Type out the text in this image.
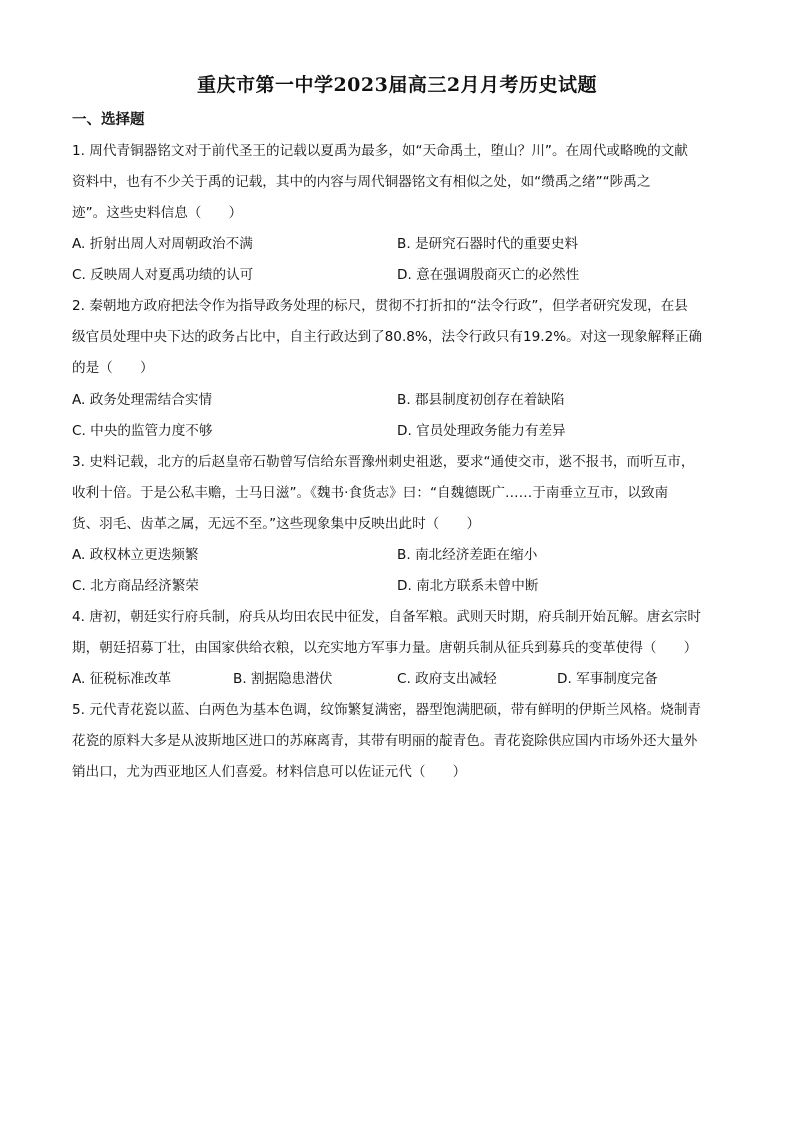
重庆市第一中学2023届高三2月月考历史试题
一、选择题
1. 周代青铜器铭文对于前代圣王的记载以夏禹为最多，如“天命禹土，堕山？川”。在周代或略晚的文献
资料中，也有不少关于禹的记载，其中的内容与周代铜器铭文有相似之处，如“缵禹之绪”“陟禹之
迹”。这些史料信息（　　）
A. 折射出周人对周朝政治不满	B. 是研究石器时代的重要史料
C. 反映周人对夏禹功绩的认可	D. 意在强调殷商灭亡的必然性
2. 秦朝地方政府把法令作为指导政务处理的标尺，贯彻不打折扣的“法令行政”，但学者研究发现，在县
级官员处理中央下达的政务占比中，自主行政达到了80.8%，法令行政只有19.2%。对这一现象解释正确
的是（　　）
A. 政务处理需结合实情	B. 郡县制度初创存在着缺陷
C. 中央的监管力度不够	D. 官员处理政务能力有差异
3. 史料记载，北方的后赵皇帝石勒曾写信给东晋豫州刺史祖逖，要求“通使交市，逖不报书，而听互市，
收利十倍。于是公私丰赡，士马日滋”。《魏书·食货志》曰：“自魏德既广……于南垂立互市，以致南
货、羽毛、齿革之属，无远不至。”这些现象集中反映出此时（　　）
A. 政权林立更迭频繁	B. 南北经济差距在缩小
C. 北方商品经济繁荣	D. 南北方联系未曾中断
4. 唐初，朝廷实行府兵制，府兵从均田农民中征发，自备军粮。武则天时期，府兵制开始瓦解。唐玄宗时
期，朝廷招募丁壮，由国家供给衣粮，以充实地方军事力量。唐朝兵制从征兵到募兵的变革使得（　　）
A. 征税标准改革	B. 割据隐患潜伏	C. 政府支出减轻	D. 军事制度完备
5. 元代青花瓷以蓝、白两色为基本色调，纹饰繁复满密，器型饱满肥硕，带有鲜明的伊斯兰风格。烧制青
花瓷的原料大多是从波斯地区进口的苏麻离青，其带有明丽的靛青色。青花瓷除供应国内市场外还大量外
销出口，尤为西亚地区人们喜爱。材料信息可以佐证元代（　　）
